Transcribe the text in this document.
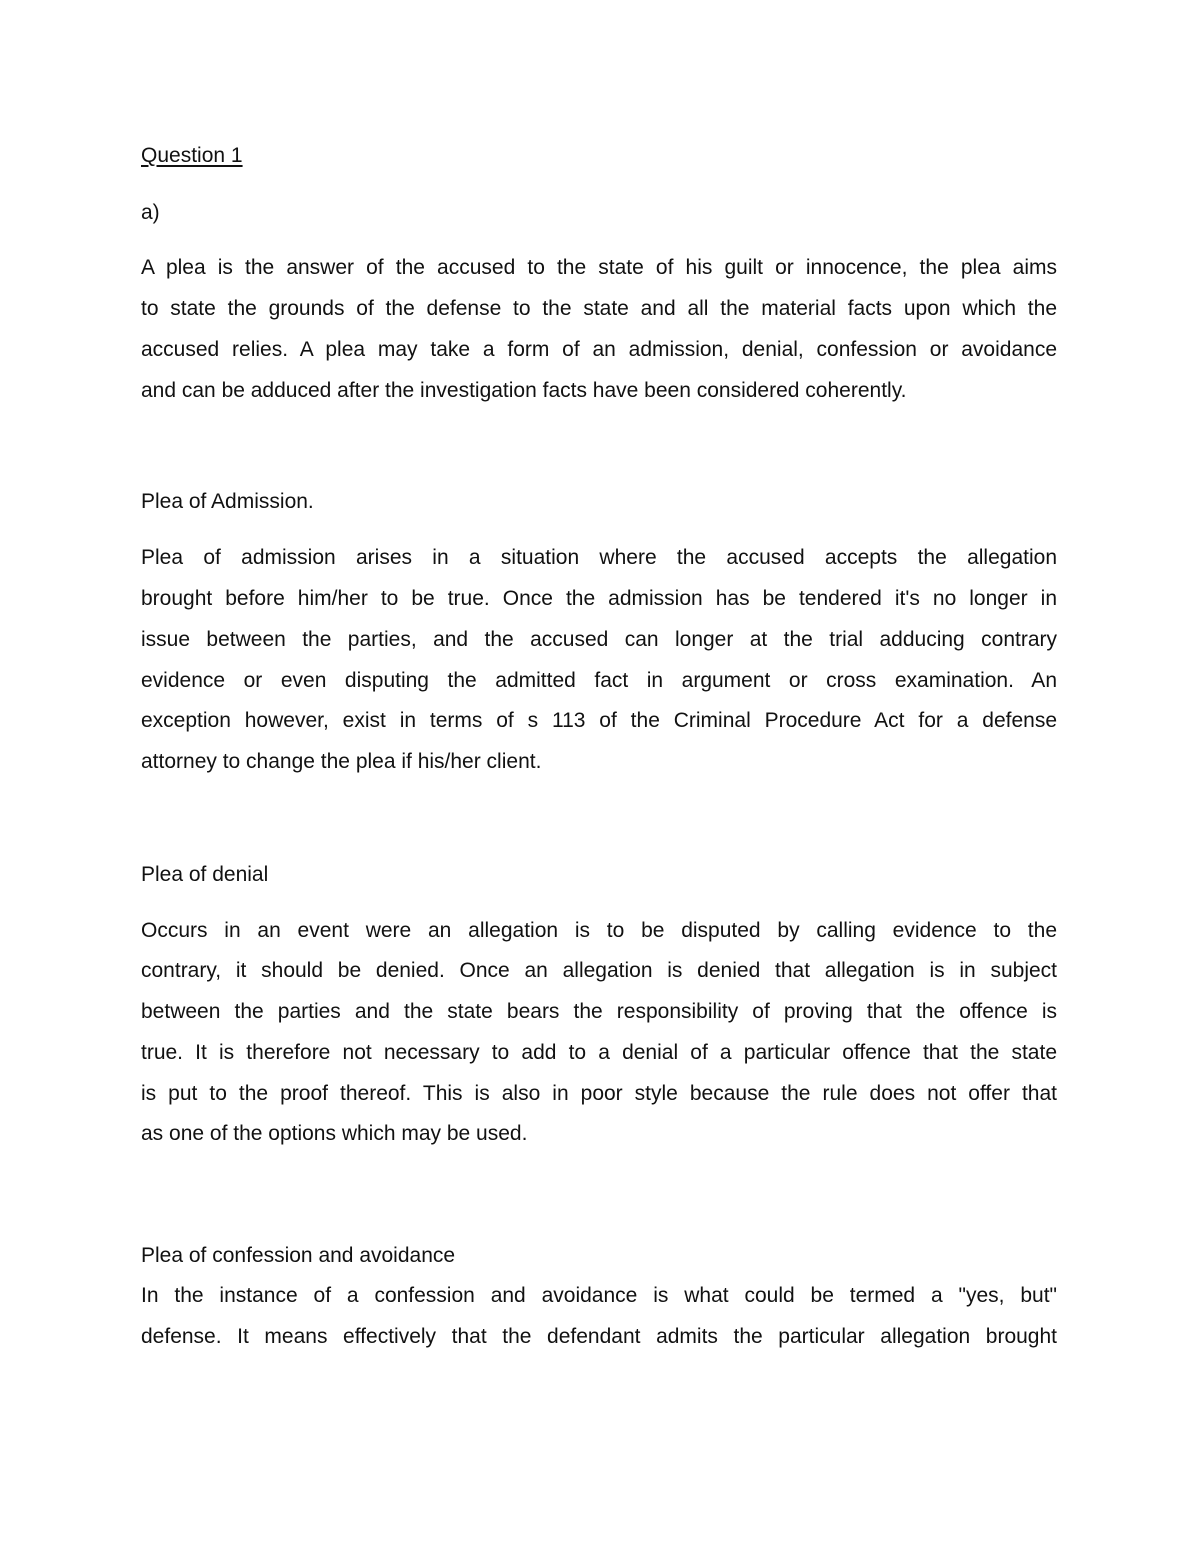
Question 1
a)
A plea is the answer of the accused to the state of his guilt or innocence, the plea aims
to state the grounds of the defense to the state and all the material facts upon which the
accused relies. A plea may take a form of an admission, denial, confession or avoidance
and can be adduced after the investigation facts have been considered coherently.
Plea of Admission.
Plea of admission arises in a situation where the accused accepts the allegation
brought before him/her to be true. Once the admission has be tendered it's no longer in
issue between the parties, and the accused can longer at the trial adducing contrary
evidence or even disputing the admitted fact in argument or cross examination. An
exception however, exist in terms of s 113 of the Criminal Procedure Act for a defense
attorney to change the plea if his/her client.
Plea of denial
Occurs in an event were an allegation is to be disputed by calling evidence to the
contrary, it should be denied. Once an allegation is denied that allegation is in subject
between the parties and the state bears the responsibility of proving that the offence is
true. It is therefore not necessary to add to a denial of a particular offence that the state
is put to the proof thereof. This is also in poor style because the rule does not offer that
as one of the options which may be used.
Plea of confession and avoidance
In the instance of a confession and avoidance is what could be termed a "yes, but"
defense. It means effectively that the defendant admits the particular allegation brought
